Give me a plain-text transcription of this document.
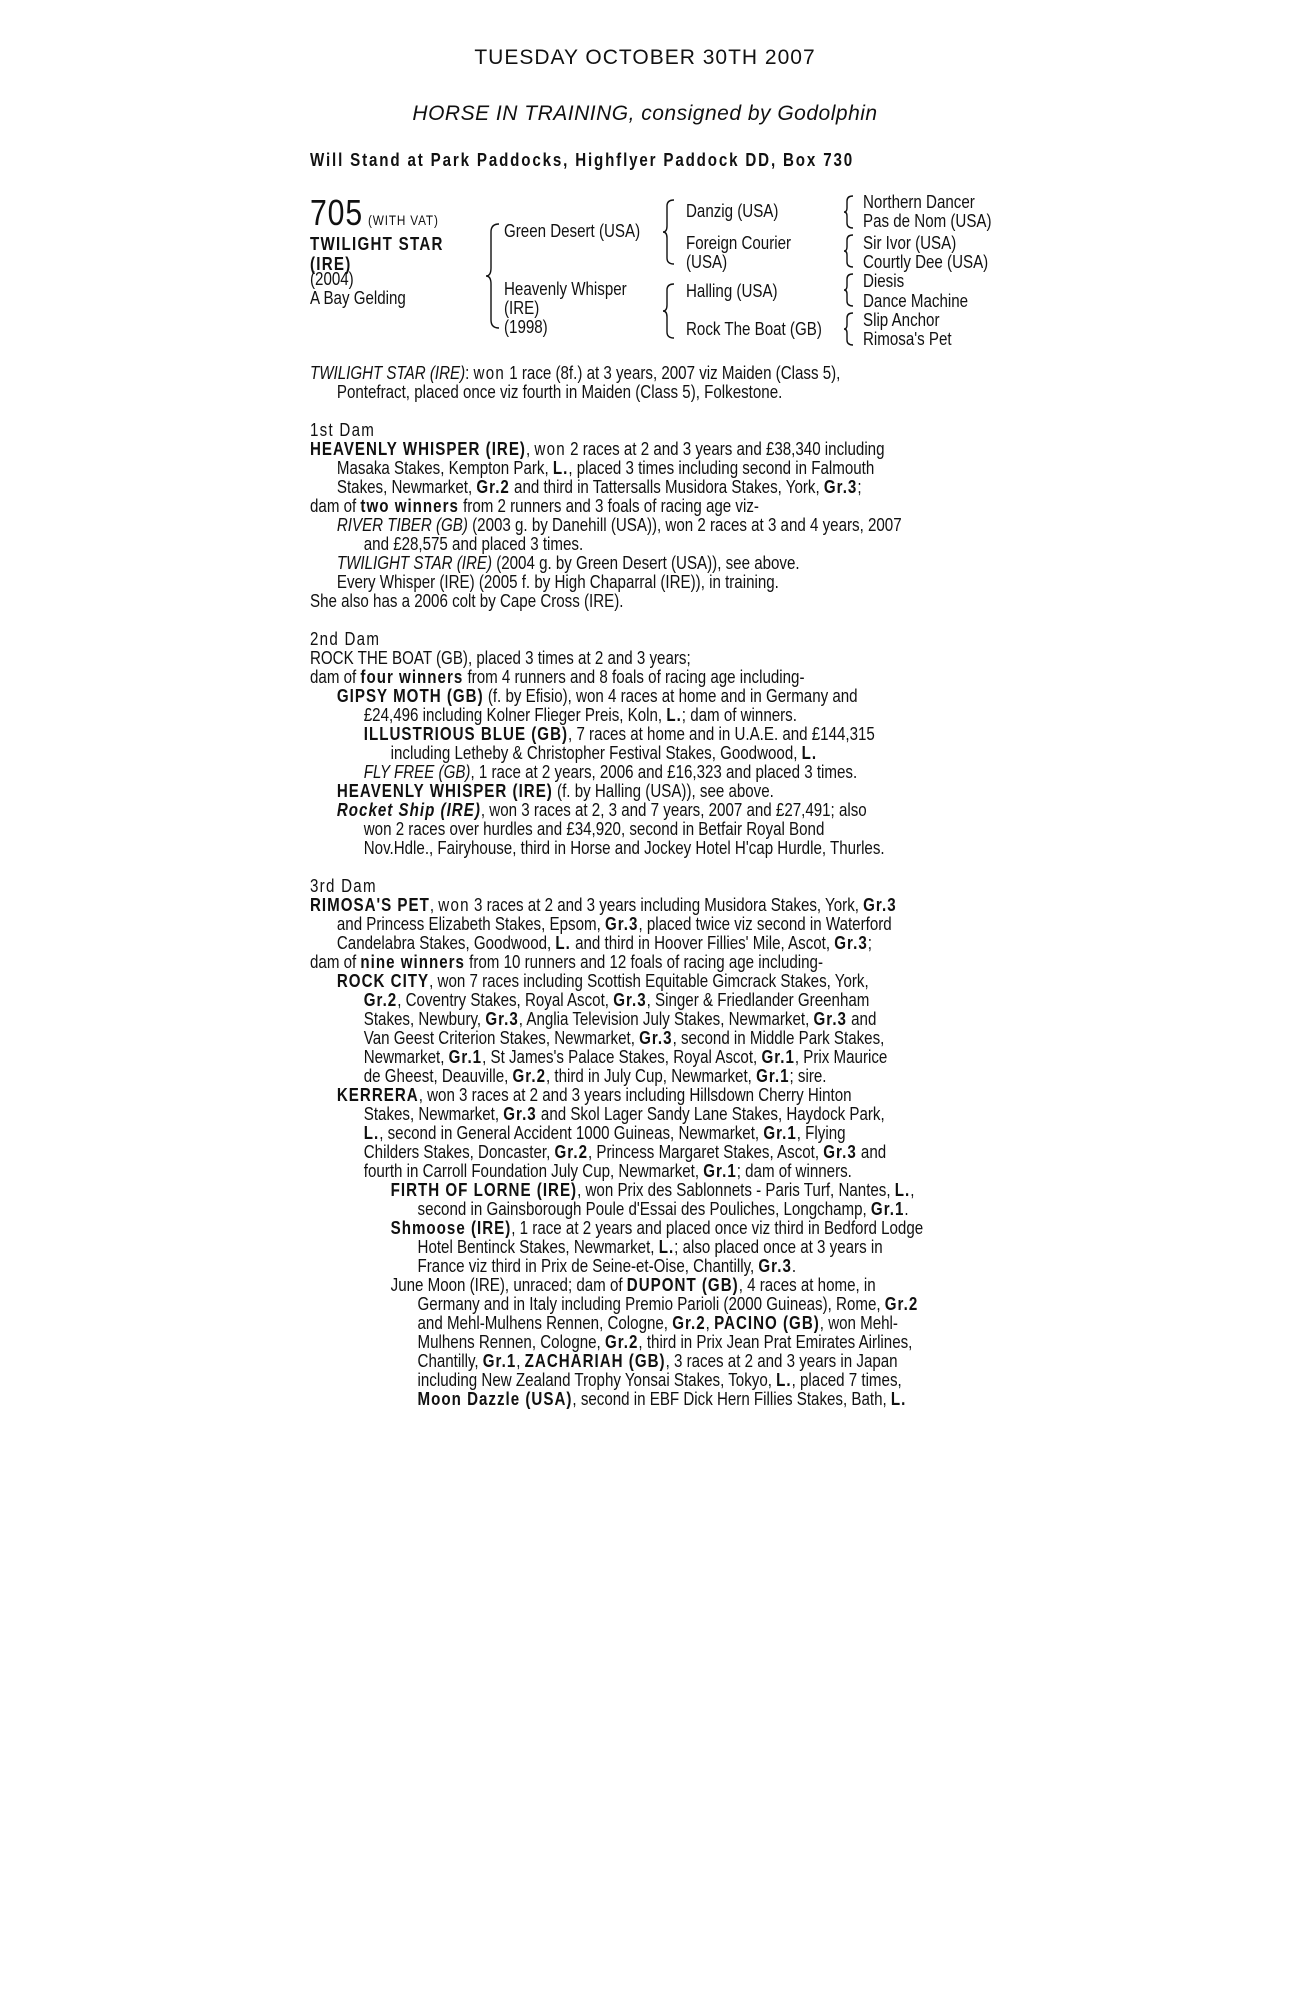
TUESDAY OCTOBER 30TH 2007
HORSE IN TRAINING, consigned by Godolphin
Will Stand at Park Paddocks, Highflyer Paddock DD, Box 730
705 (WITH VAT)
TWILIGHT STAR
(IRE)
(2004)
A Bay Gelding
Green Desert (USA)
Heavenly Whisper
(IRE)
(1998)
Danzig (USA)
Foreign Courier
(USA)
Halling (USA)
Rock The Boat (GB)
Northern Dancer
Pas de Nom (USA)
Sir Ivor (USA)
Courtly Dee (USA)
Diesis
Dance Machine
Slip Anchor
Rimosa's Pet
TWILIGHT STAR (IRE): won 1 race (8f.) at 3 years, 2007 viz Maiden (Class 5),
Pontefract, placed once viz fourth in Maiden (Class 5), Folkestone.
1st Dam
HEAVENLY WHISPER (IRE), won 2 races at 2 and 3 years and £38,340 including
Masaka Stakes, Kempton Park, L., placed 3 times including second in Falmouth
Stakes, Newmarket, Gr.2 and third in Tattersalls Musidora Stakes, York, Gr.3;
dam of two winners from 2 runners and 3 foals of racing age viz-
RIVER TIBER (GB) (2003 g. by Danehill (USA)), won 2 races at 3 and 4 years, 2007
and £28,575 and placed 3 times.
TWILIGHT STAR (IRE) (2004 g. by Green Desert (USA)), see above.
Every Whisper (IRE) (2005 f. by High Chaparral (IRE)), in training.
She also has a 2006 colt by Cape Cross (IRE).
2nd Dam
ROCK THE BOAT (GB), placed 3 times at 2 and 3 years;
dam of four winners from 4 runners and 8 foals of racing age including-
GIPSY MOTH (GB) (f. by Efisio), won 4 races at home and in Germany and
£24,496 including Kolner Flieger Preis, Koln, L.; dam of winners.
ILLUSTRIOUS BLUE (GB), 7 races at home and in U.A.E. and £144,315
including Letheby & Christopher Festival Stakes, Goodwood, L.
FLY FREE (GB), 1 race at 2 years, 2006 and £16,323 and placed 3 times.
HEAVENLY WHISPER (IRE) (f. by Halling (USA)), see above.
Rocket Ship (IRE), won 3 races at 2, 3 and 7 years, 2007 and £27,491; also
won 2 races over hurdles and £34,920, second in Betfair Royal Bond
Nov.Hdle., Fairyhouse, third in Horse and Jockey Hotel H'cap Hurdle, Thurles.
3rd Dam
RIMOSA'S PET, won 3 races at 2 and 3 years including Musidora Stakes, York, Gr.3
and Princess Elizabeth Stakes, Epsom, Gr.3, placed twice viz second in Waterford
Candelabra Stakes, Goodwood, L. and third in Hoover Fillies' Mile, Ascot, Gr.3;
dam of nine winners from 10 runners and 12 foals of racing age including-
ROCK CITY, won 7 races including Scottish Equitable Gimcrack Stakes, York,
Gr.2, Coventry Stakes, Royal Ascot, Gr.3, Singer & Friedlander Greenham
Stakes, Newbury, Gr.3, Anglia Television July Stakes, Newmarket, Gr.3 and
Van Geest Criterion Stakes, Newmarket, Gr.3, second in Middle Park Stakes,
Newmarket, Gr.1, St James's Palace Stakes, Royal Ascot, Gr.1, Prix Maurice
de Gheest, Deauville, Gr.2, third in July Cup, Newmarket, Gr.1; sire.
KERRERA, won 3 races at 2 and 3 years including Hillsdown Cherry Hinton
Stakes, Newmarket, Gr.3 and Skol Lager Sandy Lane Stakes, Haydock Park,
L., second in General Accident 1000 Guineas, Newmarket, Gr.1, Flying
Childers Stakes, Doncaster, Gr.2, Princess Margaret Stakes, Ascot, Gr.3 and
fourth in Carroll Foundation July Cup, Newmarket, Gr.1; dam of winners.
FIRTH OF LORNE (IRE), won Prix des Sablonnets - Paris Turf, Nantes, L.,
second in Gainsborough Poule d'Essai des Pouliches, Longchamp, Gr.1.
Shmoose (IRE), 1 race at 2 years and placed once viz third in Bedford Lodge
Hotel Bentinck Stakes, Newmarket, L.; also placed once at 3 years in
France viz third in Prix de Seine-et-Oise, Chantilly, Gr.3.
June Moon (IRE), unraced; dam of DUPONT (GB), 4 races at home, in
Germany and in Italy including Premio Parioli (2000 Guineas), Rome, Gr.2
and Mehl-Mulhens Rennen, Cologne, Gr.2, PACINO (GB), won Mehl-
Mulhens Rennen, Cologne, Gr.2, third in Prix Jean Prat Emirates Airlines,
Chantilly, Gr.1, ZACHARIAH (GB), 3 races at 2 and 3 years in Japan
including New Zealand Trophy Yonsai Stakes, Tokyo, L., placed 7 times,
Moon Dazzle (USA), second in EBF Dick Hern Fillies Stakes, Bath, L.
